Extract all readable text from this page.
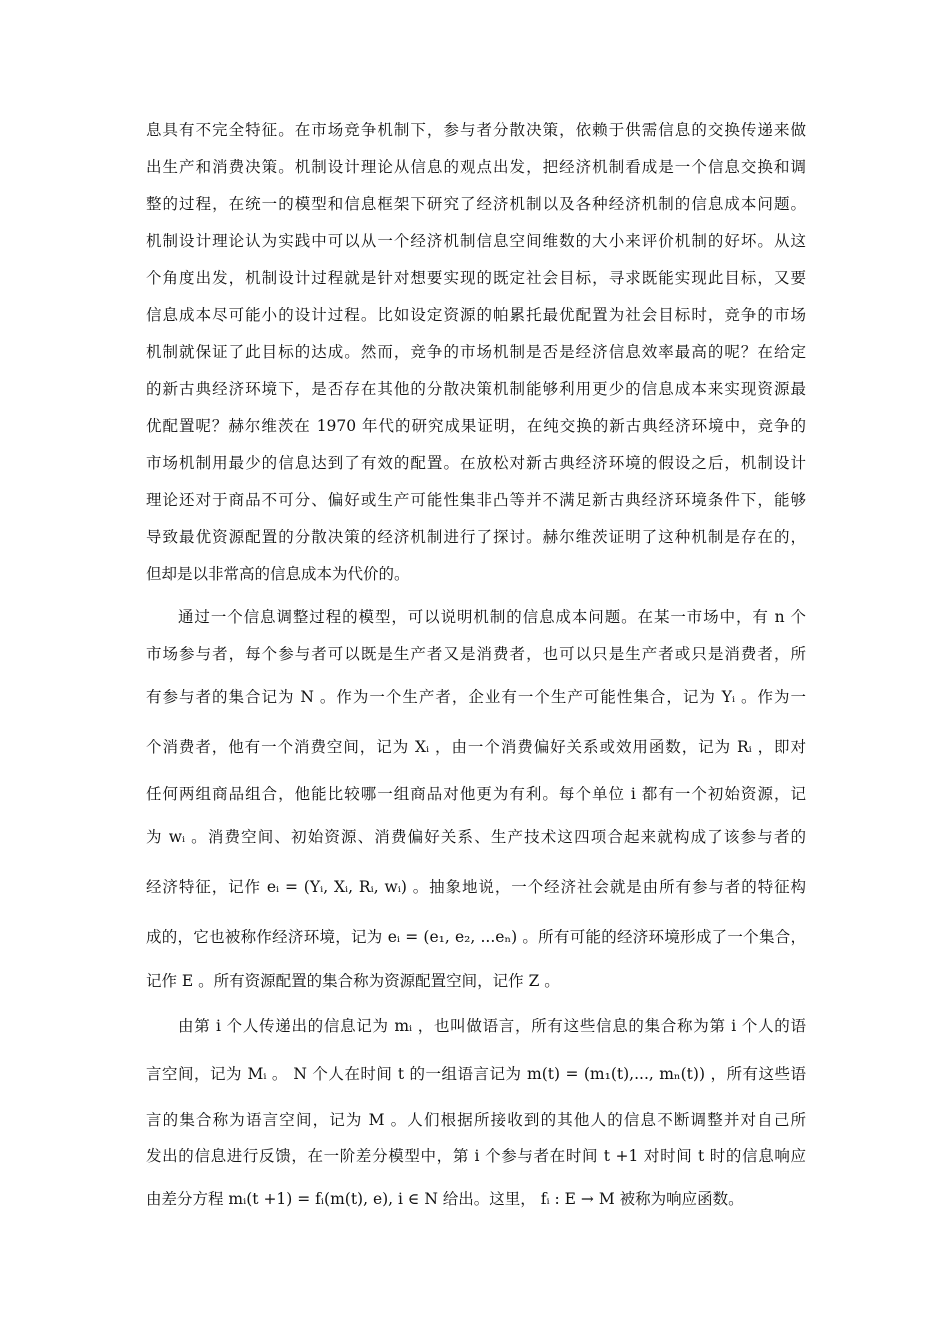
息具有不完全特征。在市场竞争机制下，参与者分散决策，依赖于供需信息的交换传递来做
出生产和消费决策。机制设计理论从信息的观点出发，把经济机制看成是一个信息交换和调
整的过程，在统一的模型和信息框架下研究了经济机制以及各种经济机制的信息成本问题。
机制设计理论认为实践中可以从一个经济机制信息空间维数的大小来评价机制的好坏。从这
个角度出发，机制设计过程就是针对想要实现的既定社会目标，寻求既能实现此目标，又要
信息成本尽可能小的设计过程。比如设定资源的帕累托最优配置为社会目标时，竞争的市场
机制就保证了此目标的达成。然而，竞争的市场机制是否是经济信息效率最高的呢？在给定
的新古典经济环境下，是否存在其他的分散决策机制能够利用更少的信息成本来实现资源最
优配置呢？赫尔维茨在 1970 年代的研究成果证明，在纯交换的新古典经济环境中，竞争的
市场机制用最少的信息达到了有效的配置。在放松对新古典经济环境的假设之后，机制设计
理论还对于商品不可分、偏好或生产可能性集非凸等并不满足新古典经济环境条件下，能够
导致最优资源配置的分散决策的经济机制进行了探讨。赫尔维茨证明了这种机制是存在的，
但却是以非常高的信息成本为代价的。
通过一个信息调整过程的模型，可以说明机制的信息成本问题。在某一市场中，有 n 个
市场参与者，每个参与者可以既是生产者又是消费者，也可以只是生产者或只是消费者，所
有参与者的集合记为 N 。作为一个生产者，企业有一个生产可能性集合，记为 Yᵢ 。作为一
个消费者，他有一个消费空间，记为 Xᵢ ，由一个消费偏好关系或效用函数，记为 Rᵢ ，即对
任何两组商品组合，他能比较哪一组商品对他更为有利。每个单位 i 都有一个初始资源，记
为 wᵢ 。消费空间、初始资源、消费偏好关系、生产技术这四项合起来就构成了该参与者的
经济特征，记作 eᵢ = (Yᵢ, Xᵢ, Rᵢ, wᵢ) 。抽象地说，一个经济社会就是由所有参与者的特征构
成的，它也被称作经济环境，记为 eᵢ = (e₁, e₂, ...eₙ) 。所有可能的经济环境形成了一个集合，
记作 E 。所有资源配置的集合称为资源配置空间，记作 Z 。
由第 i 个人传递出的信息记为 mᵢ ，也叫做语言，所有这些信息的集合称为第 i 个人的语
言空间，记为 Mᵢ 。 N 个人在时间 t 的一组语言记为 m(t) = (m₁(t),..., mₙ(t)) ，所有这些语
言的集合称为语言空间，记为 M 。人们根据所接收到的其他人的信息不断调整并对自己所
发出的信息进行反馈，在一阶差分模型中，第 i 个参与者在时间 t +1 对时间 t 时的信息响应
由差分方程 mᵢ(t +1) = fᵢ(m(t), e), i ∈ N 给出。这里， fᵢ : E → M 被称为响应函数。
